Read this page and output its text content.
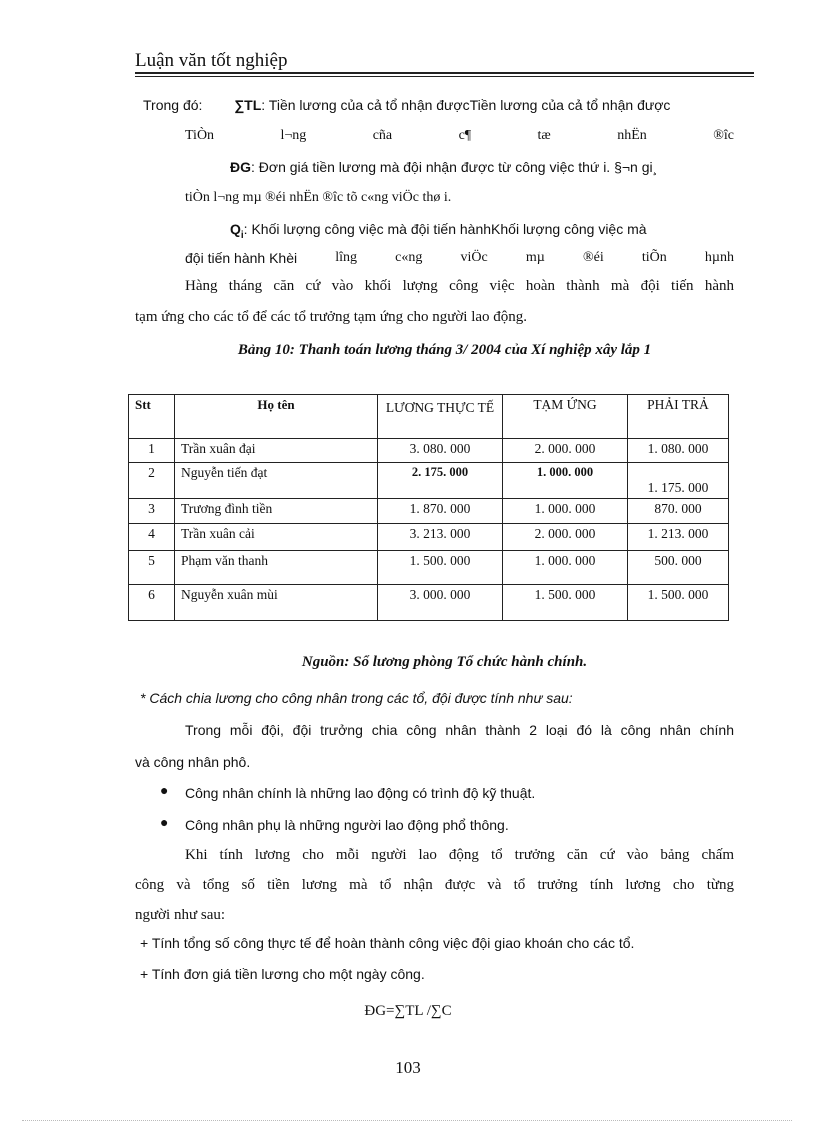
Luận văn tốt nghiệp
Trong đó: ∑TL: Tiền lương của cả tổ nhận đượcTiền lương của cả tổ nhận được
TiÒn	l¬ng	cña	c¶	tæ	nhËn	®îc
ĐG: Đơn giá tiền lương mà đội nhận được từ công việc thứ i. §¬n gi¸
tiÒn l¬ng mµ ®éi nhËn ®îc tõ c«ng viÖc thø i.
$Q_i$: Khối lượng công việc mà đội tiến hànhKhối lượng công việc mà
đội tiến hành Khèi	lîng	c«ng	viÖc	mµ	®éi	tiÕn	hµnh
Hàng tháng căn cứ vào khối lượng công việc hoàn thành mà đội tiến hành
tạm ứng cho các tổ để các tổ trưởng tạm ứng cho người lao động.
Bảng 10: Thanh toán lương tháng 3/ 2004 của Xí nghiệp xây lắp 1
Stt	Họ tên	LƯƠNG THỰC TẾ	TẠM ỨNG	PHẢI TRẢ
1	Trần xuân đại	3. 080. 000	2. 000. 000	1. 080. 000
2	Nguyễn tiến đạt	2. 175. 000	1. 000. 000	1. 175. 000
3	Trương đình tiền	1. 870. 000	1. 000. 000	870. 000
4	Trần xuân cải	3. 213. 000	2. 000. 000	1. 213. 000
5	Phạm văn thanh	1. 500. 000	1. 000. 000	500. 000
6	Nguyễn xuân mùi	3. 000. 000	1. 500. 000	1. 500. 000
Nguồn: Sổ lương phòng Tổ chức hành chính.
* Cách chia lương cho công nhân trong các tổ, đội được tính như sau:
Trong mỗi đội, đội trưởng chia công nhân thành 2 loại đó là công nhân chính
và công nhân phô.
● Công nhân chính là những lao động có trình độ kỹ thuật.
● Công nhân phụ là những người lao động phổ thông.
Khi tính lương cho mỗi người lao động tổ trưởng căn cứ vào bảng chấm
công và tổng số tiền lương mà tổ nhận được và tổ trưởng tính lương cho từng
người như sau:
+ Tính tổng số công thực tế để hoàn thành công việc đội giao khoán cho các tổ.
+ Tính đơn giá tiền lương cho một ngày công.
ĐG=∑TL /∑C
103
